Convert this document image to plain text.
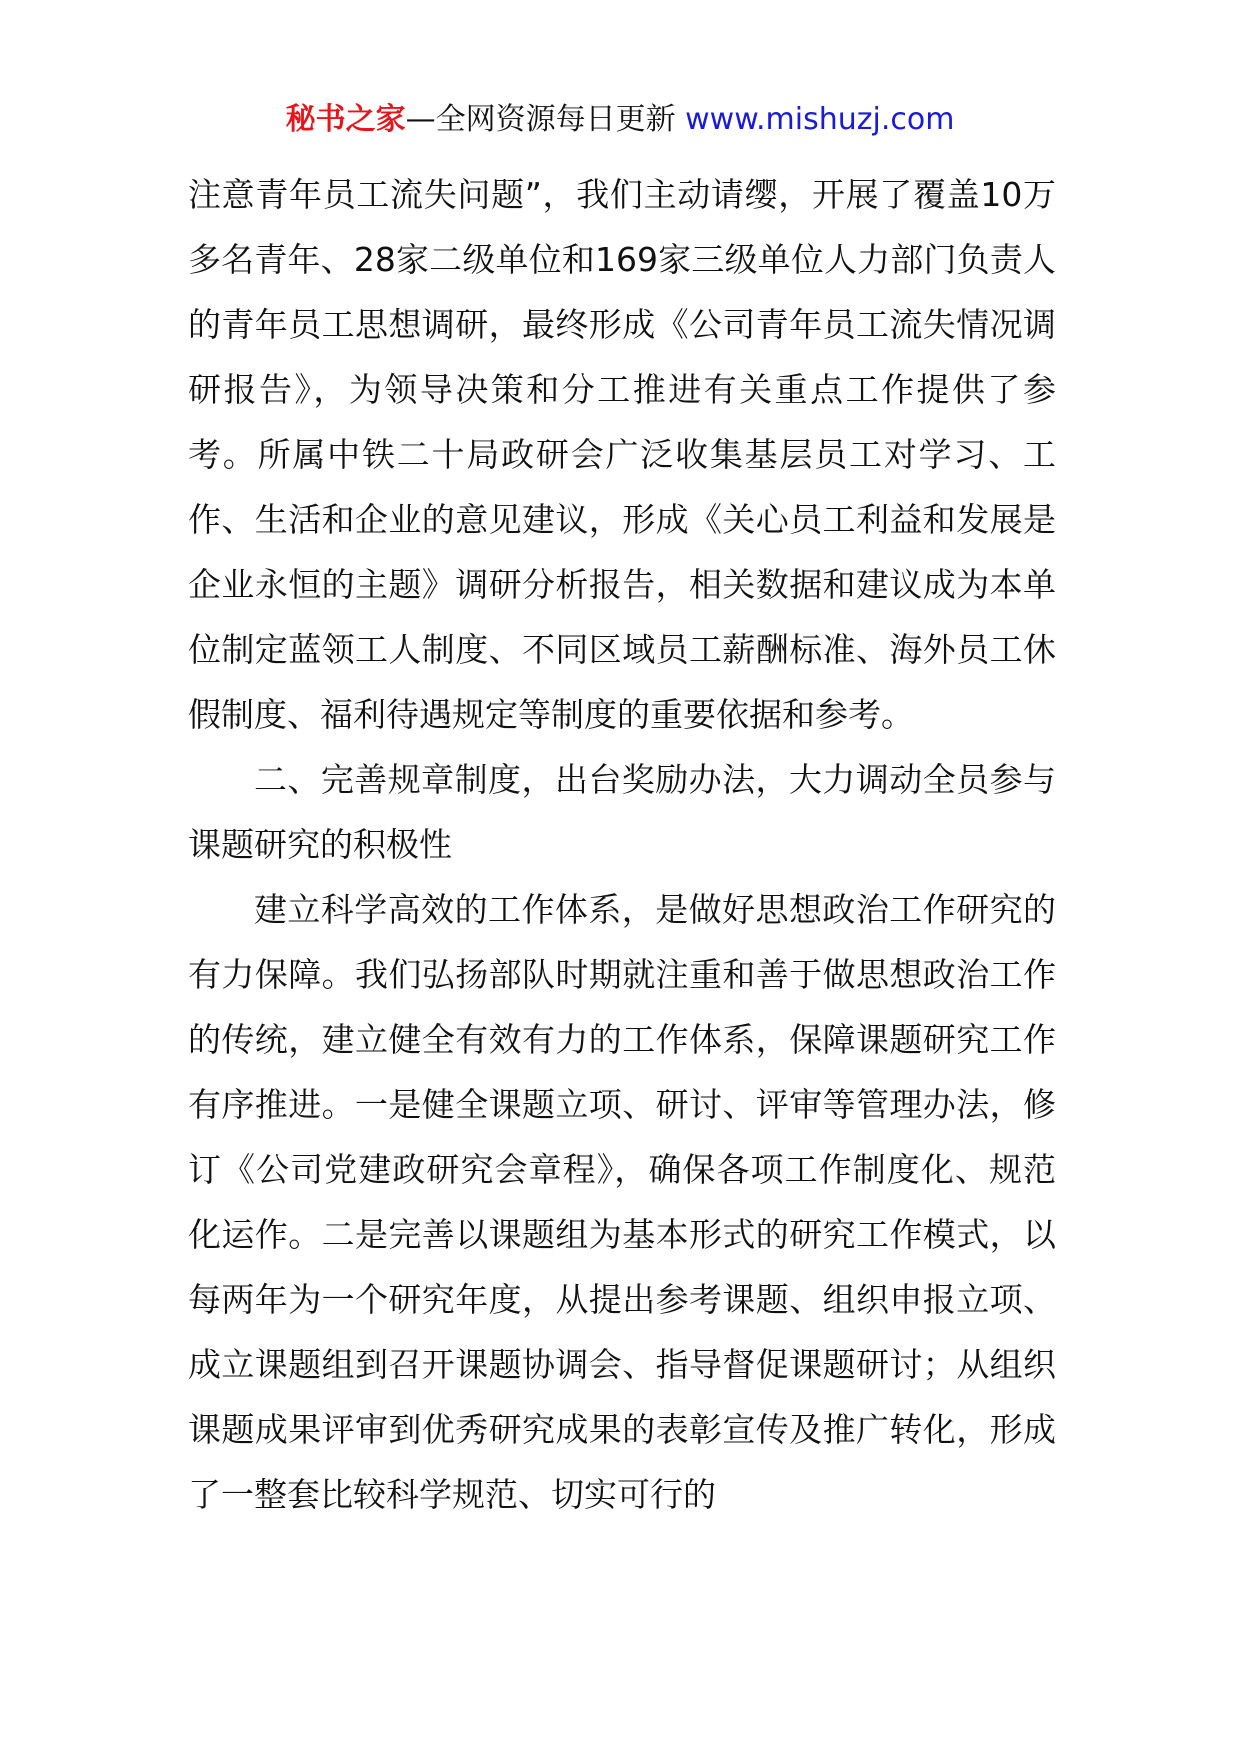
秘书之家—全网资源每日更新 www.mishuzj.com

注意青年员工流失问题”，我们主动请缨，开展了覆盖10万多名青年、28家二级单位和169家三级单位人力部门负责人的青年员工思想调研，最终形成《公司青年员工流失情况调研报告》，为领导决策和分工推进有关重点工作提供了参考。所属中铁二十局政研会广泛收集基层员工对学习、工作、生活和企业的意见建议，形成《关心员工利益和发展是企业永恒的主题》调研分析报告，相关数据和建议成为本单位制定蓝领工人制度、不同区域员工薪酬标准、海外员工休假制度、福利待遇规定等制度的重要依据和参考。

二、完善规章制度，出台奖励办法，大力调动全员参与课题研究的积极性

建立科学高效的工作体系，是做好思想政治工作研究的有力保障。我们弘扬部队时期就注重和善于做思想政治工作的传统，建立健全有效有力的工作体系，保障课题研究工作有序推进。一是健全课题立项、研讨、评审等管理办法，修订《公司党建政研究会章程》，确保各项工作制度化、规范化运作。二是完善以课题组为基本形式的研究工作模式，以每两年为一个研究年度，从提出参考课题、组织申报立项、成立课题组到召开课题协调会、指导督促课题研讨；从组织课题成果评审到优秀研究成果的表彰宣传及推广转化，形成了一整套比较科学规范、切实可行的
